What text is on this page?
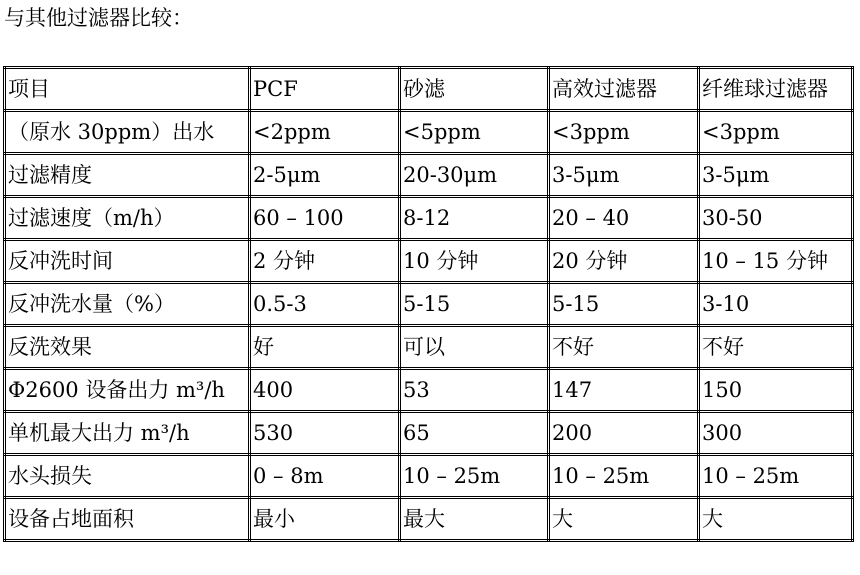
与其他过滤器比较：
项目	PCF	砂滤	高效过滤器	纤维球过滤器
（原水 30ppm）出水	<2ppm	<5ppm	<3ppm	<3ppm
过滤精度	2-5μm	20-30μm	3-5μm	3-5μm
过滤速度（m/h）	60 – 100	8-12	20 – 40	30-50
反冲洗时间	2 分钟	10 分钟	20 分钟	10 – 15 分钟
反冲洗水量（%）	0.5-3	5-15	5-15	3-10
反洗效果	好	可以	不好	不好
Φ2600 设备出力 m³/h	400	53	147	150
单机最大出力 m³/h	530	65	200	300
水头损失	0 – 8m	10 – 25m	10 – 25m	10 – 25m
设备占地面积	最小	最大	大	大
